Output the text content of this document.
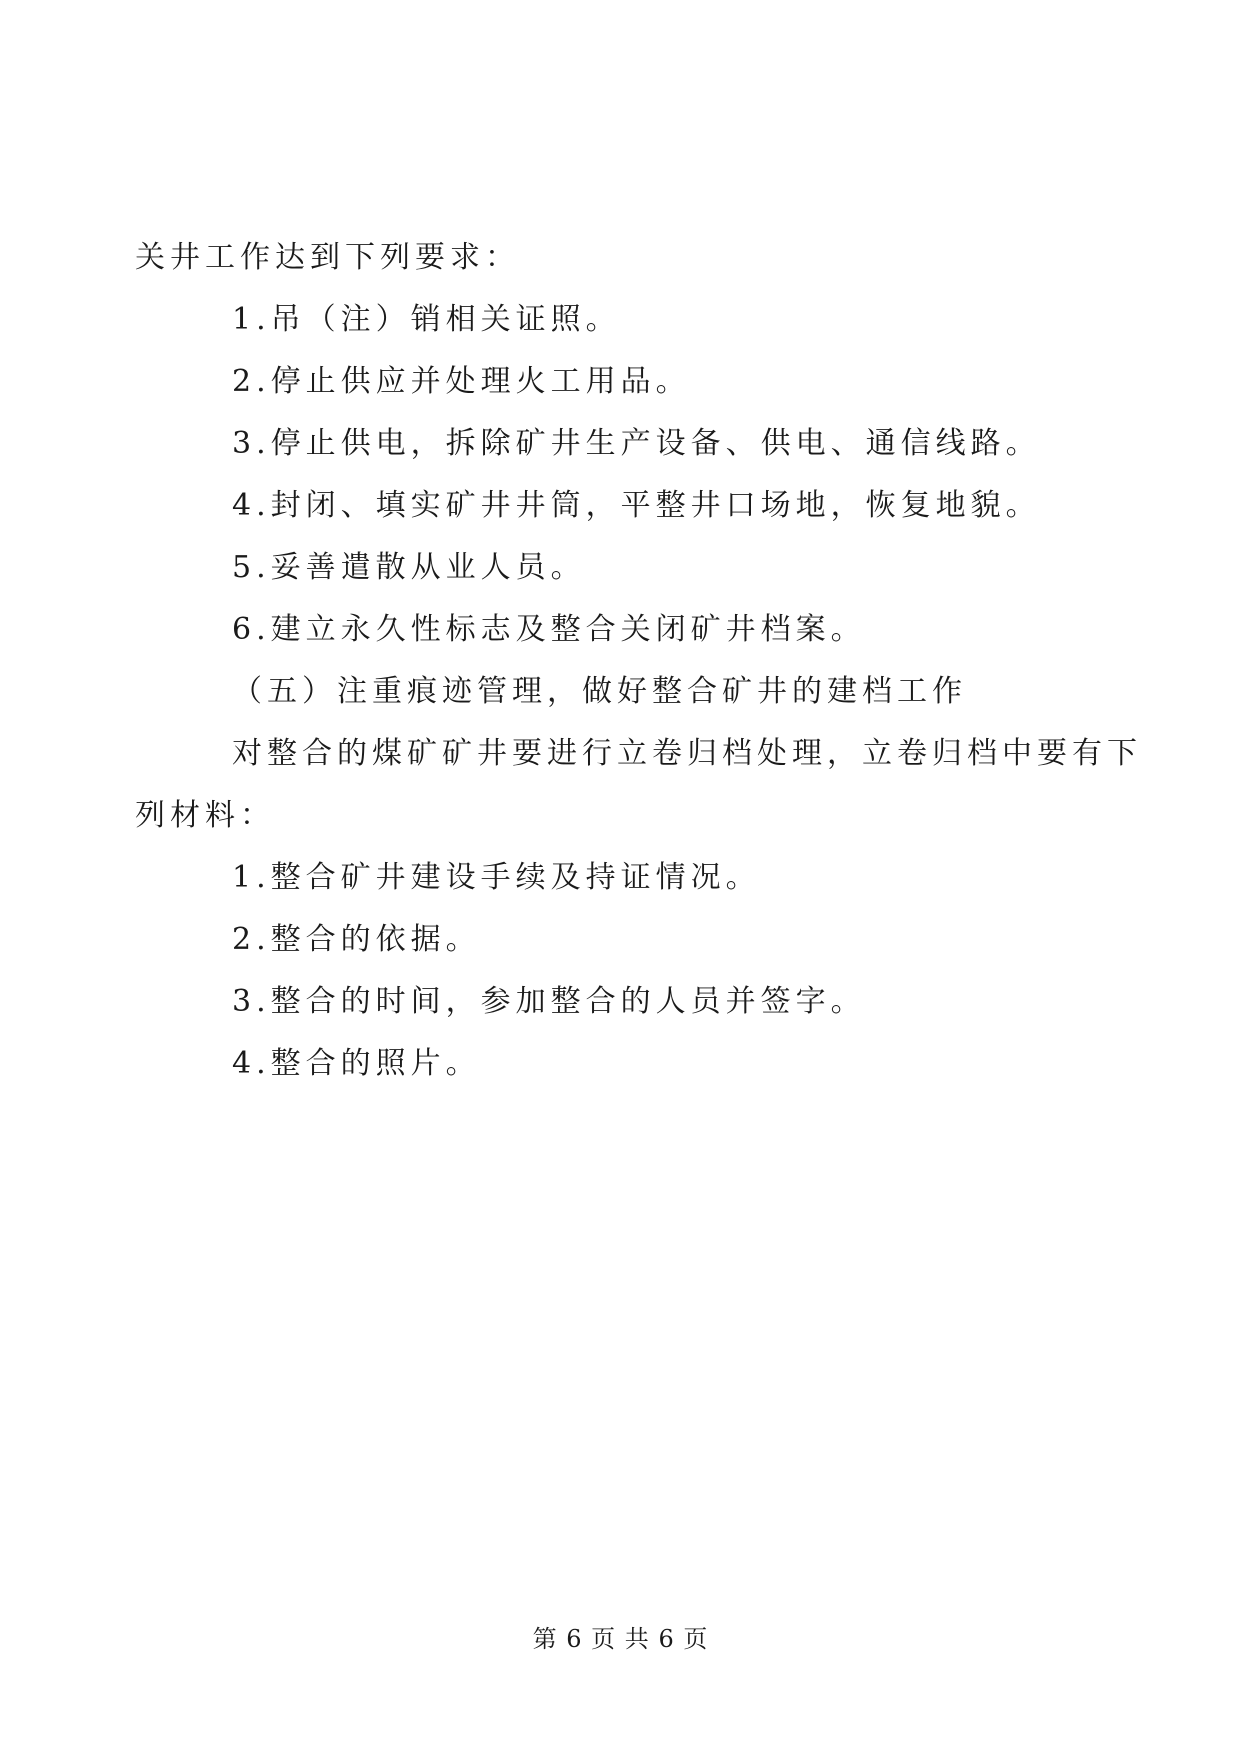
关井工作达到下列要求：
1.吊（注）销相关证照。
2.停止供应并处理火工用品。
3.停止供电，拆除矿井生产设备、供电、通信线路。
4.封闭、填实矿井井筒，平整井口场地，恢复地貌。
5.妥善遣散从业人员。
6.建立永久性标志及整合关闭矿井档案。
（五）注重痕迹管理，做好整合矿井的建档工作
对整合的煤矿矿井要进行立卷归档处理，立卷归档中要有下
列材料：
1.整合矿井建设手续及持证情况。
2.整合的依据。
3.整合的时间，参加整合的人员并签字。
4.整合的照片。
第 6 页 共 6 页
